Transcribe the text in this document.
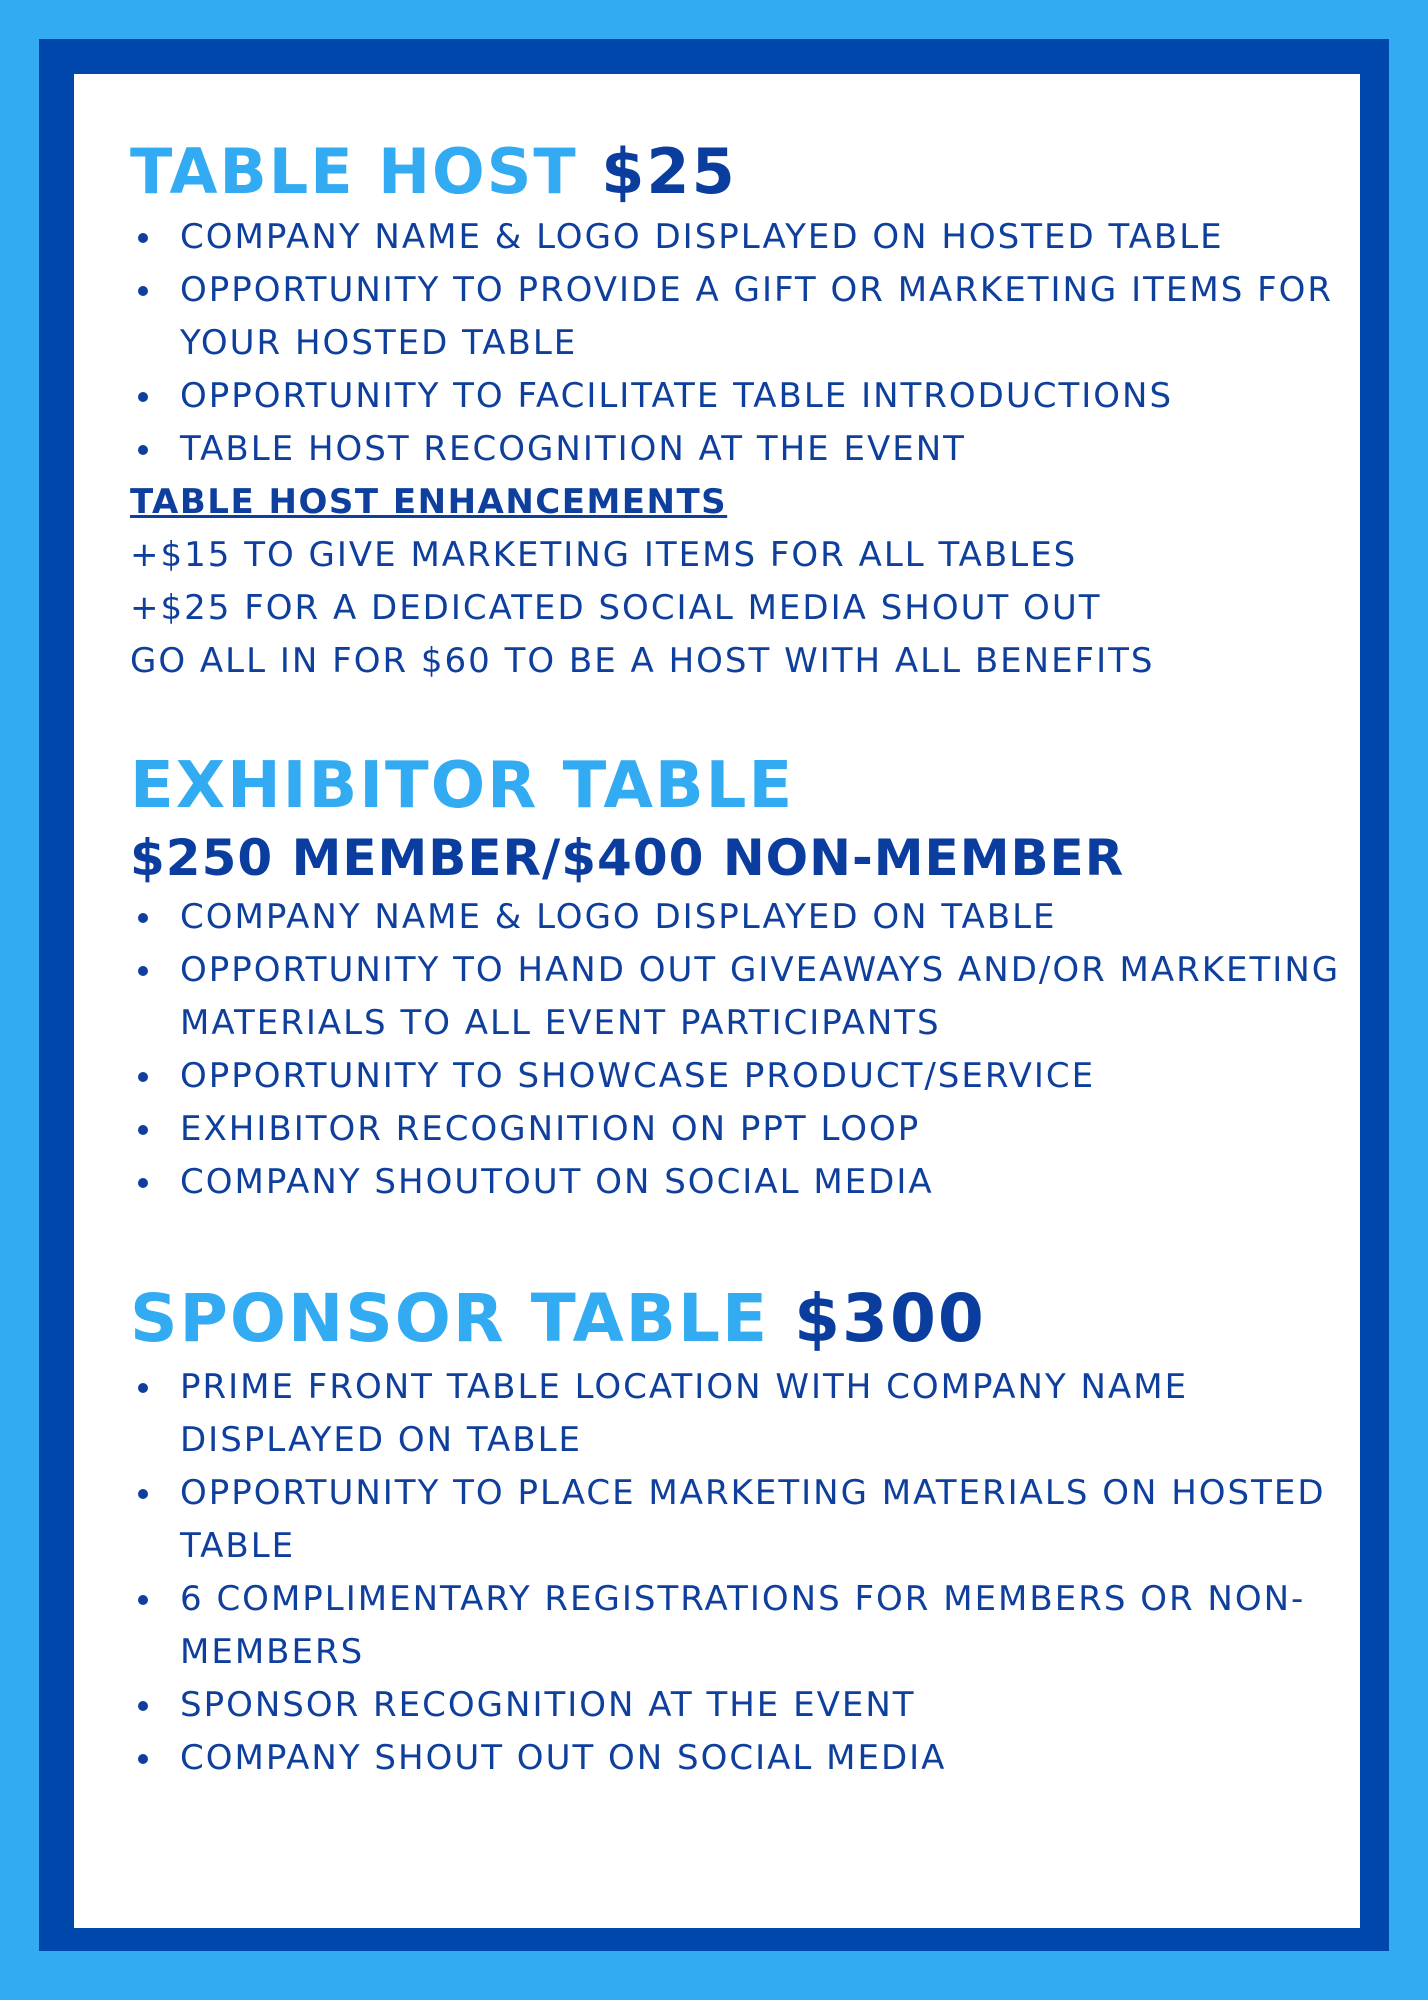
TABLE HOST $25
COMPANY NAME & LOGO DISPLAYED ON HOSTED TABLE
OPPORTUNITY TO PROVIDE A GIFT OR MARKETING ITEMS FOR YOUR HOSTED TABLE
OPPORTUNITY TO FACILITATE TABLE INTRODUCTIONS
TABLE HOST RECOGNITION AT THE EVENT

TABLE HOST ENHANCEMENTS

+$15 TO GIVE MARKETING ITEMS FOR ALL TABLES

+$25 FOR A DEDICATED SOCIAL MEDIA SHOUT OUT

GO ALL IN FOR $60 TO BE A HOST WITH ALL BENEFITS

EXHIBITOR TABLE
$250 MEMBER/$400 NON-MEMBER
COMPANY NAME & LOGO DISPLAYED ON TABLE
OPPORTUNITY TO HAND OUT GIVEAWAYS AND/OR MARKETING MATERIALS TO ALL EVENT PARTICIPANTS
OPPORTUNITY TO SHOWCASE PRODUCT/SERVICE
EXHIBITOR RECOGNITION ON PPT LOOP
COMPANY SHOUTOUT ON SOCIAL MEDIA
SPONSOR TABLE $300
PRIME FRONT TABLE LOCATION WITH COMPANY NAME DISPLAYED ON TABLE
OPPORTUNITY TO PLACE MARKETING MATERIALS ON HOSTED TABLE
6 COMPLIMENTARY REGISTRATIONS FOR MEMBERS OR NON-MEMBERS
SPONSOR RECOGNITION AT THE EVENT
COMPANY SHOUT OUT ON SOCIAL MEDIA
